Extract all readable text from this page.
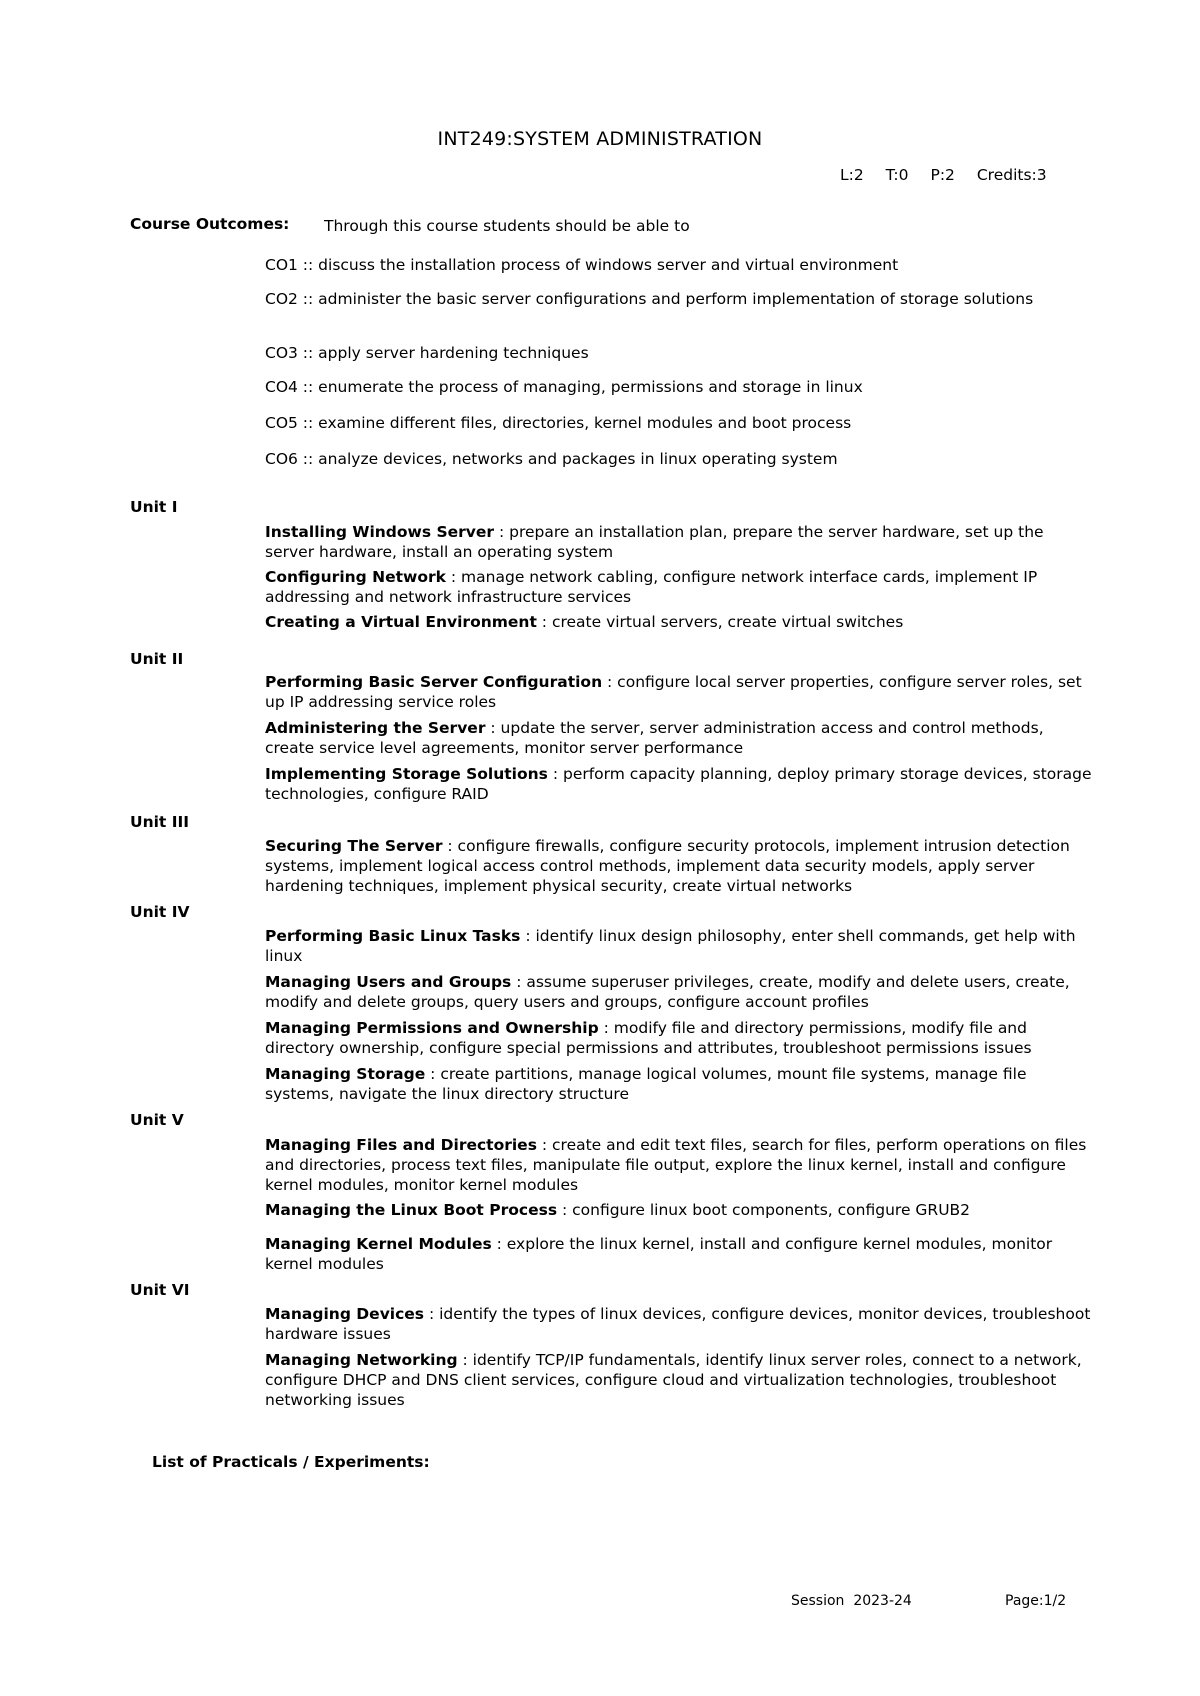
INT249:SYSTEM ADMINISTRATION
L:2 T:0 P:2 Credits:3
Course Outcomes: Through this course students should be able to
CO1 :: discuss the installation process of windows server and virtual environment
CO2 :: administer the basic server configurations and perform implementation of storage solutions
CO3 :: apply server hardening techniques
CO4 :: enumerate the process of managing, permissions and storage in linux
CO5 :: examine different files, directories, kernel modules and boot process
CO6 :: analyze devices, networks and packages in linux operating system
Unit I
Installing Windows Server : prepare an installation plan, prepare the server hardware, set up the server hardware, install an operating system
Configuring Network : manage network cabling, configure network interface cards, implement IP addressing and network infrastructure services
Creating a Virtual Environment : create virtual servers, create virtual switches
Unit II
Performing Basic Server Configuration : configure local server properties, configure server roles, set up IP addressing service roles
Administering the Server : update the server, server administration access and control methods, create service level agreements, monitor server performance
Implementing Storage Solutions : perform capacity planning, deploy primary storage devices, storage technologies, configure RAID
Unit III
Securing The Server : configure firewalls, configure security protocols, implement intrusion detection systems, implement logical access control methods, implement data security models, apply server hardening techniques, implement physical security, create virtual networks
Unit IV
Performing Basic Linux Tasks : identify linux design philosophy, enter shell commands, get help with linux
Managing Users and Groups : assume superuser privileges, create, modify and delete users, create, modify and delete groups, query users and groups, configure account profiles
Managing Permissions and Ownership : modify file and directory permissions, modify file and directory ownership, configure special permissions and attributes, troubleshoot permissions issues
Managing Storage : create partitions, manage logical volumes, mount file systems, manage file systems, navigate the linux directory structure
Unit V
Managing Files and Directories : create and edit text files, search for files, perform operations on files and directories, process text files, manipulate file output, explore the linux kernel, install and configure kernel modules, monitor kernel modules
Managing the Linux Boot Process : configure linux boot components, configure GRUB2
Managing Kernel Modules : explore the linux kernel, install and configure kernel modules, monitor kernel modules
Unit VI
Managing Devices : identify the types of linux devices, configure devices, monitor devices, troubleshoot hardware issues
Managing Networking : identify TCP/IP fundamentals, identify linux server roles, connect to a network, configure DHCP and DNS client services, configure cloud and virtualization technologies, troubleshoot networking issues
List of Practicals / Experiments:
Session  2023-24	Page:1/2
